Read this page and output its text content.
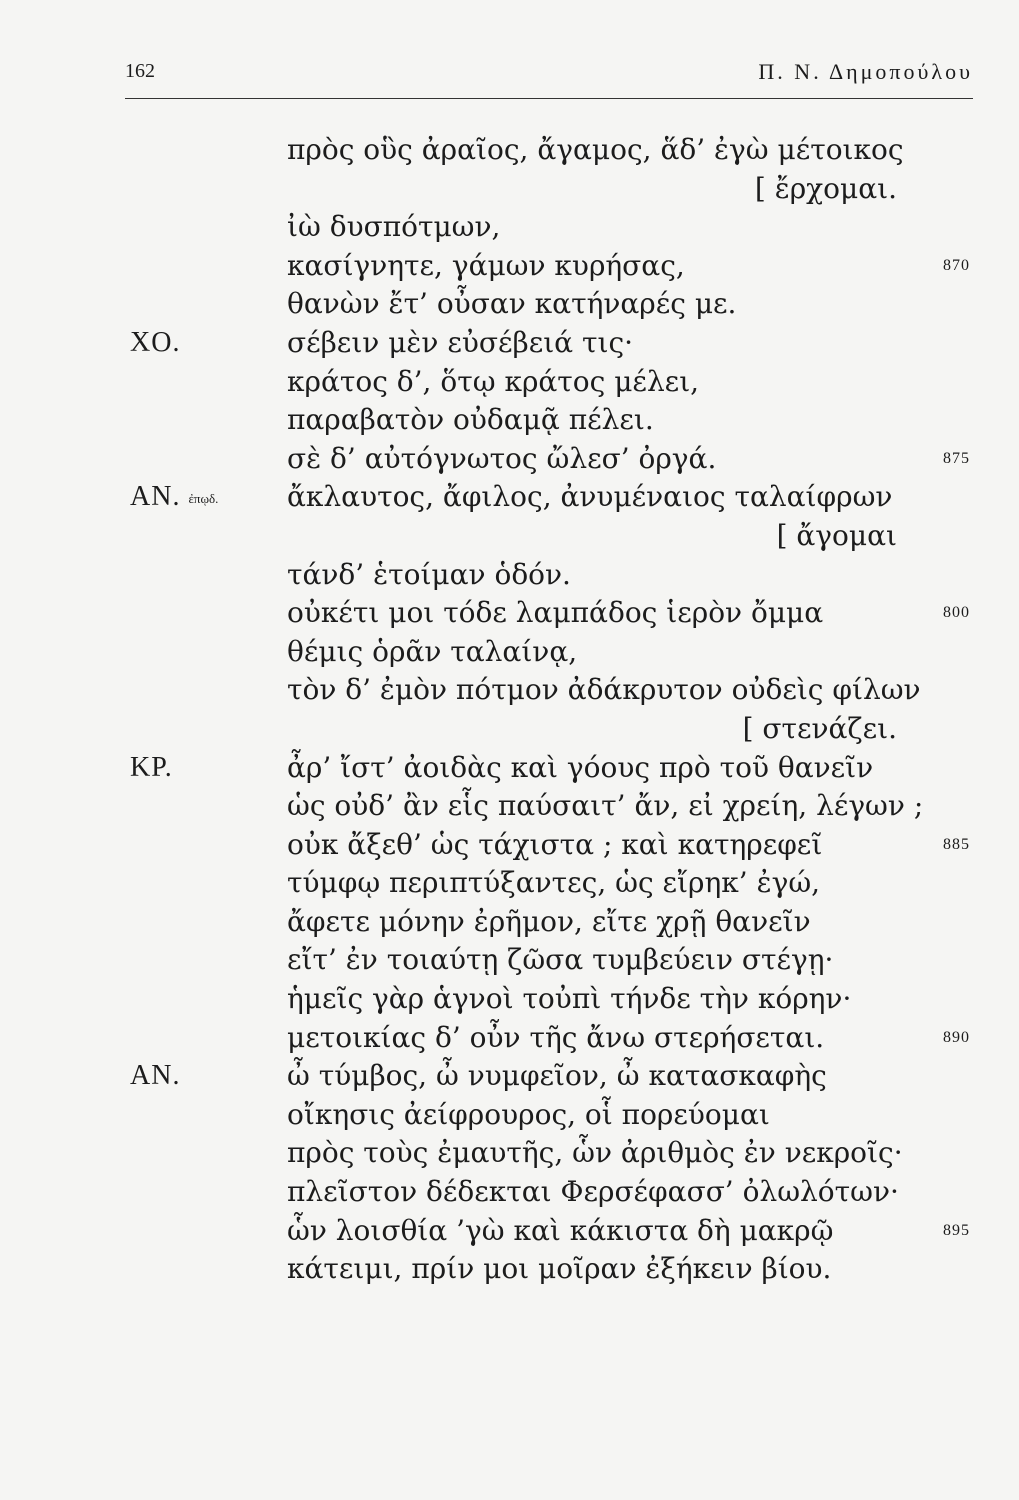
162	Π. Ν. Δημοπούλου
πρὸς οὓς ἀραῖος, ἄγαμος, ἅδ’ ἐγὼ μέτοικος
[ ἔρχομαι.
ἰὼ δυσπότμων,
κασίγνητε, γάμων κυρήσας,	870
θανὼν ἔτ’ οὖσαν κατήναρές με.
ΧΟ.	σέβειν μὲν εὐσέβειά τις·
κράτος δ’, ὅτῳ κράτος μέλει,
παραβατὸν οὐδαμᾷ πέλει.
σὲ δ’ αὐτόγνωτος ὤλεσ’ ὀργά.	875
ΑΝ. ἐπῳδ. ἄκλαυτος, ἄφιλος, ἀνυμέναιος ταλαίφρων
[ ἄγομαι
τάνδ’ ἑτοίμαν ὁδόν.
οὐκέτι μοι τόδε λαμπάδος ἱερὸν ὄμμα	800
θέμις ὁρᾶν ταλαίνᾳ,
τὸν δ’ ἐμὸν πότμον ἀδάκρυτον οὐδεὶς φίλων
[ στενάζει.
ΚΡ.	ἆρ’ ἴστ’ ἀοιδὰς καὶ γόους πρὸ τοῦ θανεῖν
ὡς οὐδ’ ἂν εἷς παύσαιτ’ ἄν, εἰ χρείη, λέγων ;
οὐκ ἄξεθ’ ὡς τάχιστα ; καὶ κατηρεφεῖ	885
τύμφῳ περιπτύξαντες, ὡς εἴρηκ’ ἐγώ,
ἄφετε μόνην ἐρῆμον, εἴτε χρῇ θανεῖν
εἴτ’ ἐν τοιαύτῃ ζῶσα τυμβεύειν στέγῃ·
ἡμεῖς γὰρ ἁγνοὶ τοὐπὶ τήνδε τὴν κόρην·
μετοικίας δ’ οὖν τῆς ἄνω στερήσεται.	890
ΑΝ.	ὦ τύμβος, ὦ νυμφεῖον, ὦ κατασκαφὴς
οἴκησις ἀείφρουρος, οἷ πορεύομαι
πρὸς τοὺς ἐμαυτῆς, ὧν ἀριθμὸς ἐν νεκροῖς·
πλεῖστον δέδεκται Φερσέφασσ’ ὀλωλότων·
ὧν λοισθία ’γὼ καὶ κάκιστα δὴ μακρῷ	895
κάτειμι, πρίν μοι μοῖραν ἐξήκειν βίου.
